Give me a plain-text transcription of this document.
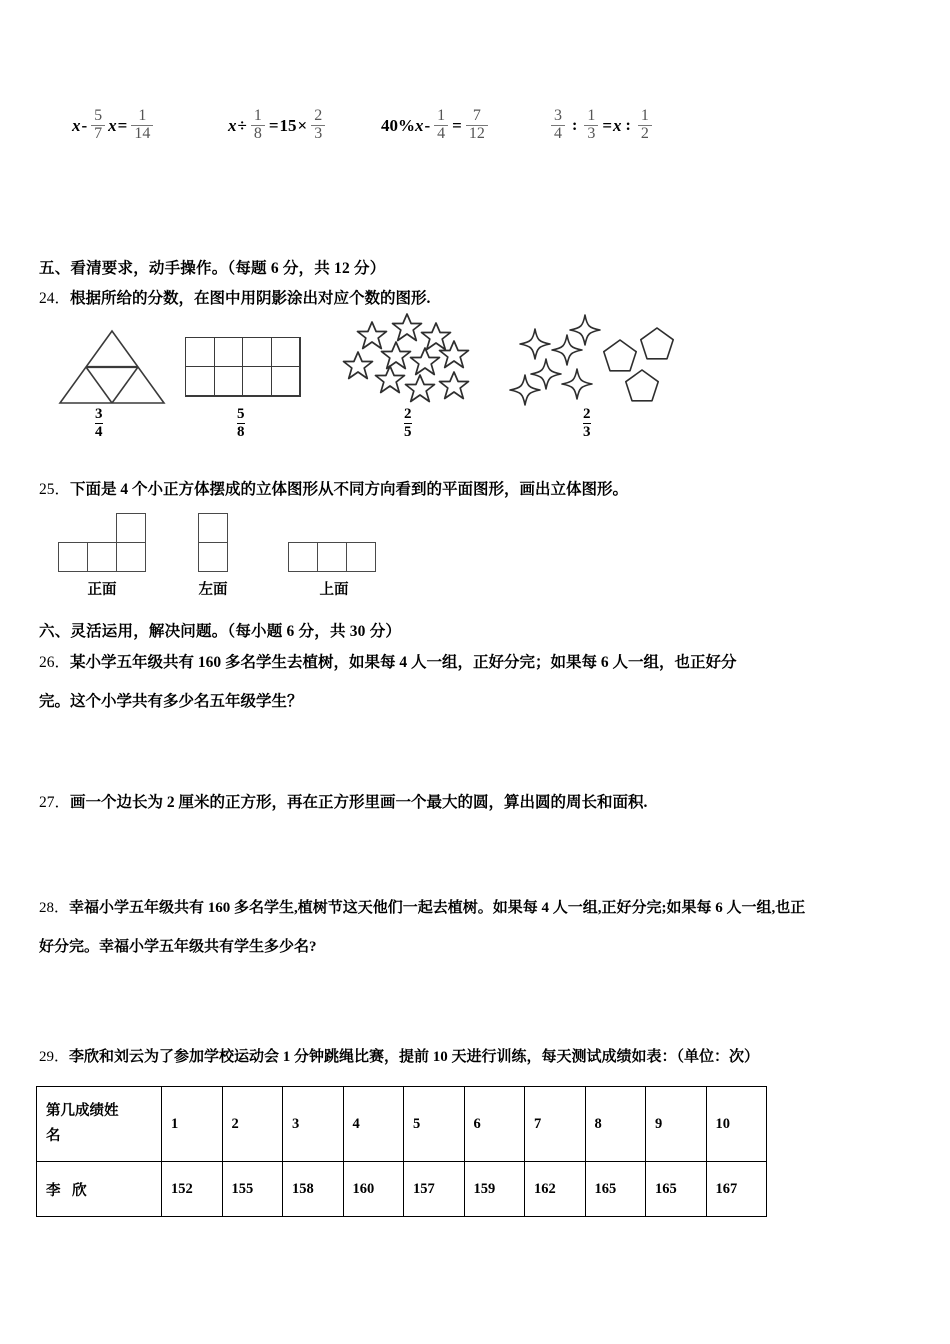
x - $\frac{5}{7}$ $x = \frac{1}{14}$	$x \div \frac{1}{8} = 15 \times \frac{2}{3}$	40% $x - \frac{1}{4} = \frac{7}{12}$	$\frac{3}{4}$ : $\frac{1}{3} = x$ : $\frac{1}{2}$
五、看清要求，动手操作。（每题 6 分，共 12 分）
24．根据所给的分数，在图中用阴影涂出对应个数的图形.
$\frac{3}{4}$	$\frac{5}{8}$	$\frac{2}{5}$	$\frac{2}{3}$
25．下面是 4 个小正方体摆成的立体图形从不同方向看到的平面图形，画出立体图形。
正面	左面	上面
六、灵活运用，解决问题。（每小题 6 分，共 30 分）
26．某小学五年级共有 160 多名学生去植树，如果每 4 人一组，正好分完；如果每 6 人一组，也正好分
完。这个小学共有多少名五年级学生？
27．画一个边长为 2 厘米的正方形，再在正方形里画一个最大的圆，算出圆的周长和面积.
28．幸福小学五年级共有 160 多名学生,植树节这天他们一起去植树。如果每 4 人一组,正好分完;如果每 6 人一组,也正
好分完。幸福小学五年级共有学生多少名?
29．李欣和刘云为了参加学校运动会 1 分钟跳绳比赛，提前 10 天进行训练，每天测试成绩如表：（单位：次）
第几成绩姓
名	1	2	3	4	5	6	7	8	9	10
李 欣	152	155	158	160	157	159	162	165	165	167
